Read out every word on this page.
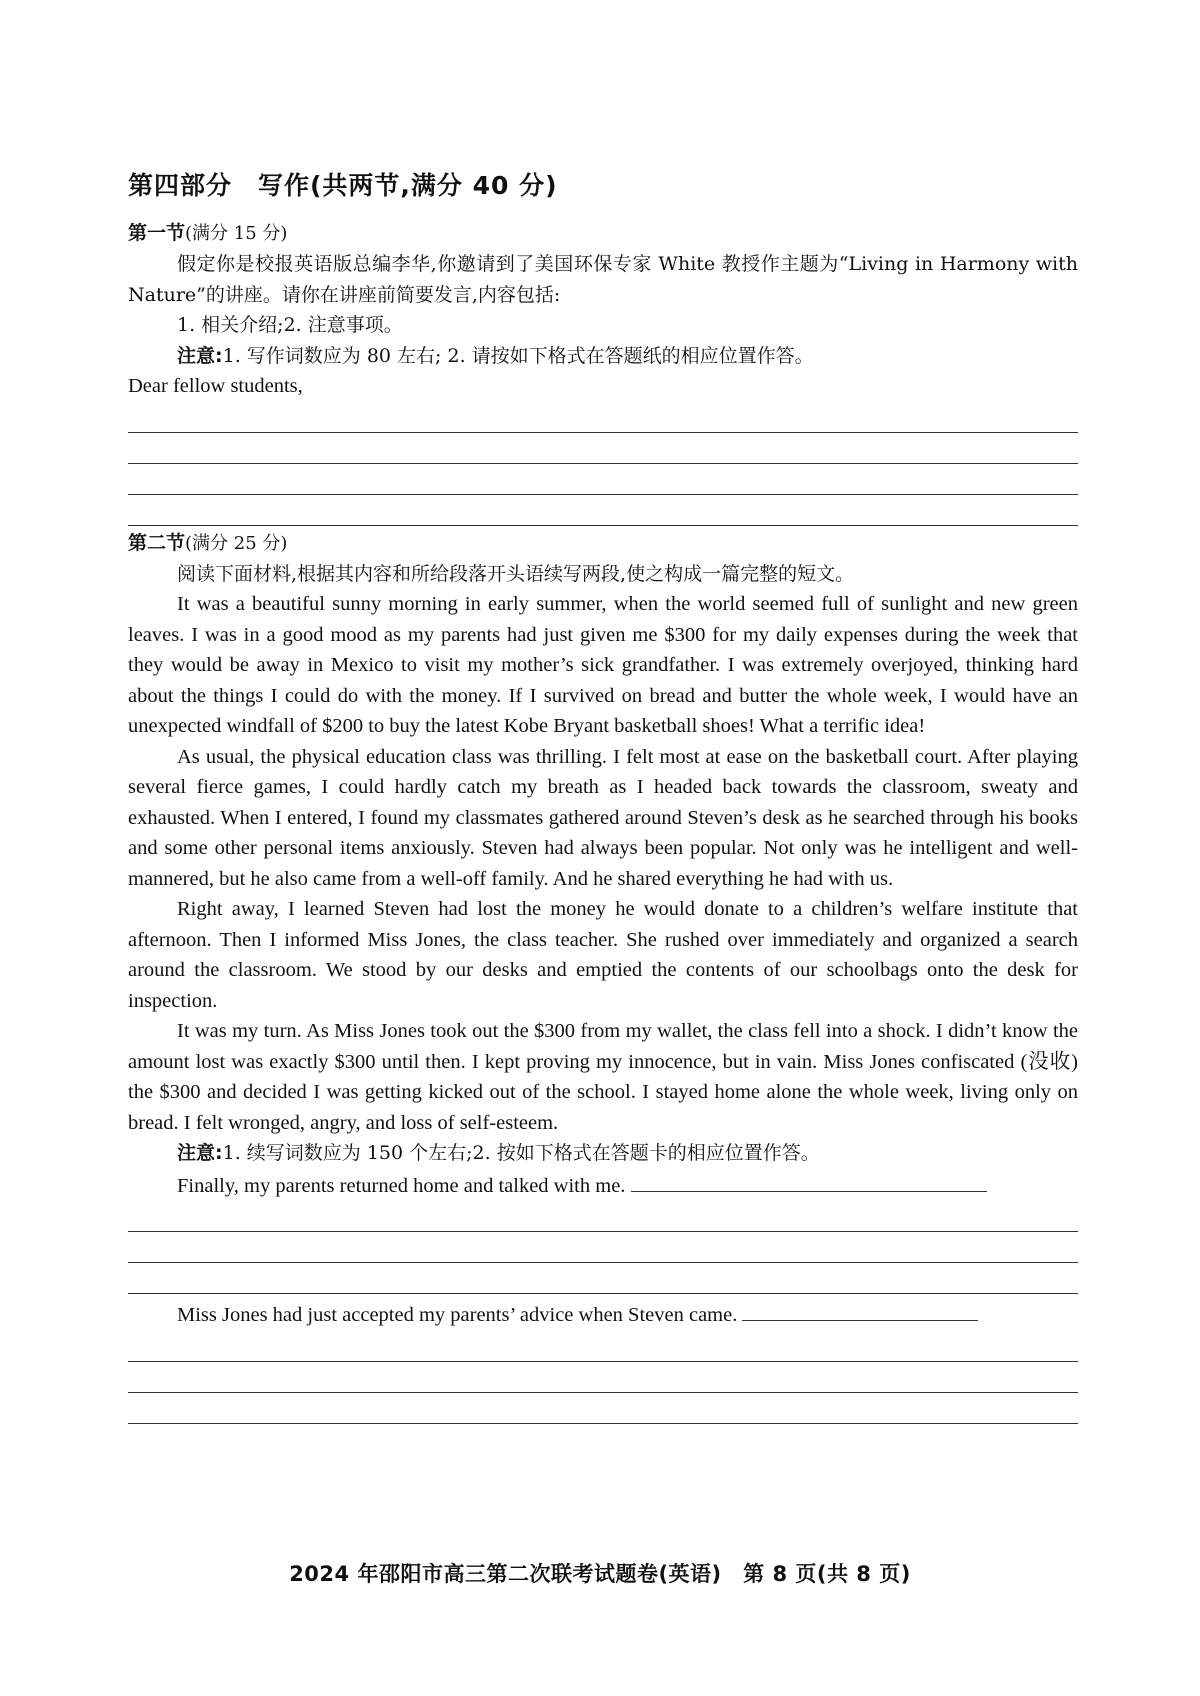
第四部分　写作(共两节,满分 40 分)
第一节(满分 15 分)

假定你是校报英语版总编李华,你邀请到了美国环保专家 White 教授作主题为“Living in Harmony with Nature”的讲座。请你在讲座前简要发言,内容包括:

1. 相关介绍;2. 注意事项。

注意:1. 写作词数应为 80 左右; 2. 请按如下格式在答题纸的相应位置作答。

Dear fellow students,

第二节(满分 25 分)

阅读下面材料,根据其内容和所给段落开头语续写两段,使之构成一篇完整的短文。

It was a beautiful sunny morning in early summer, when the world seemed full of sunlight and new green leaves. I was in a good mood as my parents had just given me $300 for my daily expenses during the week that they would be away in Mexico to visit my mother’s sick grandfather. I was extremely overjoyed, thinking hard about the things I could do with the money. If I survived on bread and butter the whole week, I would have an unexpected windfall of $200 to buy the latest Kobe Bryant basketball shoes! What a terrific idea!

As usual, the physical education class was thrilling. I felt most at ease on the basketball court. After playing several fierce games, I could hardly catch my breath as I headed back towards the classroom, sweaty and exhausted. When I entered, I found my classmates gathered around Steven’s desk as he searched through his books and some other personal items anxiously. Steven had always been popular. Not only was he intelligent and well-mannered, but he also came from a well-off family. And he shared everything he had with us.

Right away, I learned Steven had lost the money he would donate to a children’s welfare institute that afternoon. Then I informed Miss Jones, the class teacher. She rushed over immediately and organized a search around the classroom. We stood by our desks and emptied the contents of our schoolbags onto the desk for inspection.

It was my turn. As Miss Jones took out the $300 from my wallet, the class fell into a shock. I didn’t know the amount lost was exactly $300 until then. I kept proving my innocence, but in vain. Miss Jones confiscated (没收) the $300 and decided I was getting kicked out of the school. I stayed home alone the whole week, living only on bread. I felt wronged, angry, and loss of self-esteem.

注意:1. 续写词数应为 150 个左右;2. 按如下格式在答题卡的相应位置作答。

Finally, my parents returned home and talked with me.

Miss Jones had just accepted my parents’ advice when Steven came.

2024 年邵阳市高三第二次联考试题卷(英语)　第 8 页(共 8 页)
